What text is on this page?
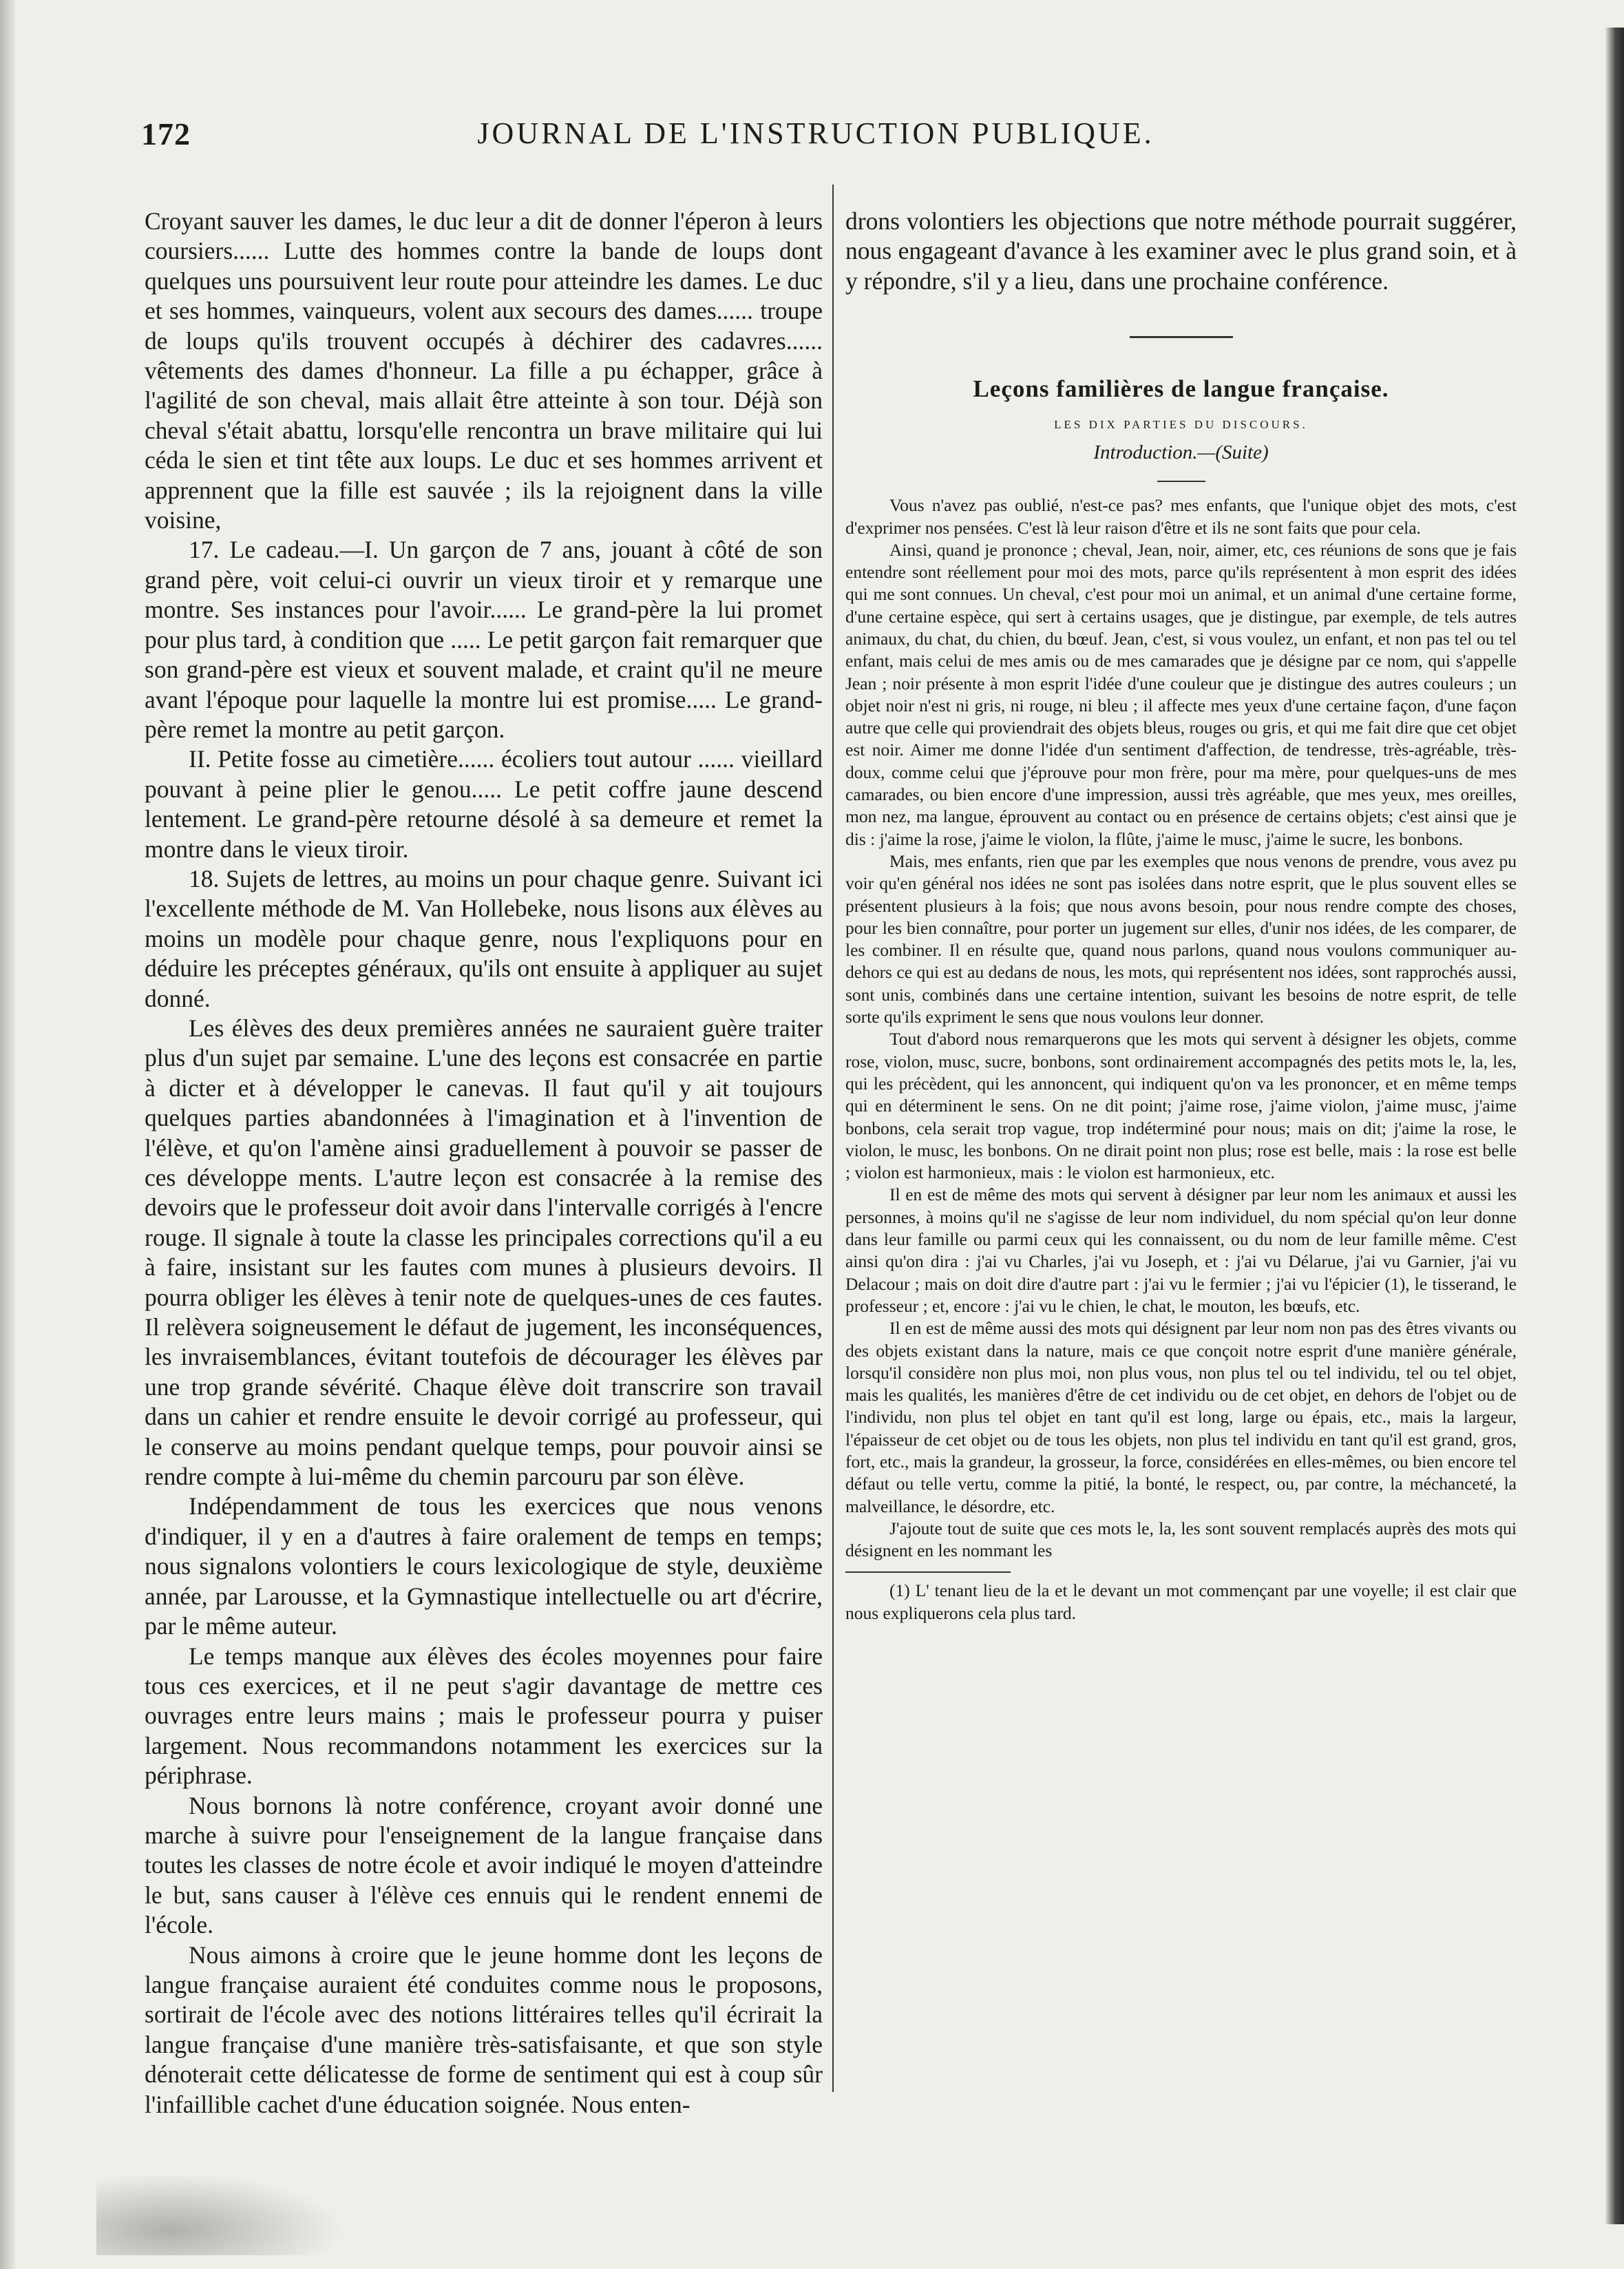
172	JOURNAL DE L'INSTRUCTION PUBLIQUE.

Croyant sauver les dames, le duc leur a dit de donner l'éperon à leurs coursiers...... Lutte des hommes contre la bande de loups dont quelques uns poursuivent leur route pour atteindre les dames. Le duc et ses hommes, vainqueurs, volent aux secours des dames...... troupe de loups qu'ils trouvent occupés à déchirer des cadavres...... vêtements des dames d'honneur. La fille a pu échapper, grâce à l'agilité de son cheval, mais allait être atteinte à son tour. Déjà son cheval s'était abattu, lorsqu'elle rencontra un brave militaire qui lui céda le sien et tint tête aux loups. Le duc et ses hommes arrivent et apprennent que la fille est sauvée ; ils la rejoignent dans la ville voisine,

17. Le cadeau.—I. Un garçon de 7 ans, jouant à côté de son grand père, voit celui-ci ouvrir un vieux tiroir et y remarque une montre. Ses instances pour l'avoir...... Le grand-père la lui promet pour plus tard, à condition que ..... Le petit garçon fait remarquer que son grand-père est vieux et souvent malade, et craint qu'il ne meure avant l'époque pour laquelle la montre lui est promise..... Le grand-père remet la montre au petit garçon.

II. Petite fosse au cimetière...... écoliers tout autour ...... vieillard pouvant à peine plier le genou..... Le petit coffre jaune descend lentement. Le grand-père retourne désolé à sa demeure et remet la montre dans le vieux tiroir.

18. Sujets de lettres, au moins un pour chaque genre. Suivant ici l'excellente méthode de M. Van Hollebeke, nous lisons aux élèves au moins un modèle pour chaque genre, nous l'expliquons pour en déduire les préceptes généraux, qu'ils ont ensuite à appliquer au sujet donné.

Les élèves des deux premières années ne sauraient guère traiter plus d'un sujet par semaine. L'une des leçons est consacrée en partie à dicter et à développer le canevas. Il faut qu'il y ait toujours quelques parties abandonnées à l'imagination et à l'invention de l'élève, et qu'on l'amène ainsi graduellement à pouvoir se passer de ces développe ments. L'autre leçon est consacrée à la remise des devoirs que le professeur doit avoir dans l'intervalle corrigés à l'encre rouge. Il signale à toute la classe les principales corrections qu'il a eu à faire, insistant sur les fautes com munes à plusieurs devoirs. Il pourra obliger les élèves à tenir note de quelques-unes de ces fautes. Il relèvera soigneusement le défaut de jugement, les inconséquences, les invraisemblances, évitant toutefois de décourager les élèves par une trop grande sévérité. Chaque élève doit transcrire son travail dans un cahier et rendre ensuite le devoir corrigé au professeur, qui le conserve au moins pendant quelque temps, pour pouvoir ainsi se rendre compte à lui-même du chemin parcouru par son élève.

Indépendamment de tous les exercices que nous venons d'indiquer, il y en a d'autres à faire oralement de temps en temps; nous signalons volontiers le cours lexicologique de style, deuxième année, par Larousse, et la Gymnastique intellectuelle ou art d'écrire, par le même auteur.

Le temps manque aux élèves des écoles moyennes pour faire tous ces exercices, et il ne peut s'agir davantage de mettre ces ouvrages entre leurs mains ; mais le professeur pourra y puiser largement. Nous recommandons notamment les exercices sur la périphrase.

Nous bornons là notre conférence, croyant avoir donné une marche à suivre pour l'enseignement de la langue française dans toutes les classes de notre école et avoir indiqué le moyen d'atteindre le but, sans causer à l'élève ces ennuis qui le rendent ennemi de l'école.

Nous aimons à croire que le jeune homme dont les leçons de langue française auraient été conduites comme nous le proposons, sortirait de l'école avec des notions littéraires telles qu'il écrirait la langue française d'une manière très-satisfaisante, et que son style dénoterait cette délicatesse de forme de sentiment qui est à coup sûr l'infaillible cachet d'une éducation soignée. Nous enten-

drons volontiers les objections que notre méthode pourrait suggérer, nous engageant d'avance à les examiner avec le plus grand soin, et à y répondre, s'il y a lieu, dans une prochaine conférence.

Leçons familières de langue française.
LES DIX PARTIES DU DISCOURS.
Introduction.—(Suite)

Vous n'avez pas oublié, n'est-ce pas? mes enfants, que l'unique objet des mots, c'est d'exprimer nos pensées. C'est là leur raison d'être et ils ne sont faits que pour cela.

Ainsi, quand je prononce ; cheval, Jean, noir, aimer, etc, ces réunions de sons que je fais entendre sont réellement pour moi des mots, parce qu'ils représentent à mon esprit des idées qui me sont connues. Un cheval, c'est pour moi un animal, et un animal d'une certaine forme, d'une certaine espèce, qui sert à certains usages, que je distingue, par exemple, de tels autres animaux, du chat, du chien, du bœuf. Jean, c'est, si vous voulez, un enfant, et non pas tel ou tel enfant, mais celui de mes amis ou de mes camarades que je désigne par ce nom, qui s'appelle Jean ; noir présente à mon esprit l'idée d'une couleur que je distingue des autres couleurs ; un objet noir n'est ni gris, ni rouge, ni bleu ; il affecte mes yeux d'une certaine façon, d'une façon autre que celle qui proviendrait des objets bleus, rouges ou gris, et qui me fait dire que cet objet est noir. Aimer me donne l'idée d'un sentiment d'affection, de tendresse, très-agréable, très-doux, comme celui que j'éprouve pour mon frère, pour ma mère, pour quelques-uns de mes camarades, ou bien encore d'une impression, aussi très agréable, que mes yeux, mes oreilles, mon nez, ma langue, éprouvent au contact ou en présence de certains objets; c'est ainsi que je dis : j'aime la rose, j'aime le violon, la flûte, j'aime le musc, j'aime le sucre, les bonbons.

Mais, mes enfants, rien que par les exemples que nous venons de prendre, vous avez pu voir qu'en général nos idées ne sont pas isolées dans notre esprit, que le plus souvent elles se présentent plusieurs à la fois; que nous avons besoin, pour nous rendre compte des choses, pour les bien connaître, pour porter un jugement sur elles, d'unir nos idées, de les comparer, de les combiner. Il en résulte que, quand nous parlons, quand nous voulons communiquer au-dehors ce qui est au dedans de nous, les mots, qui représentent nos idées, sont rapprochés aussi, sont unis, combinés dans une certaine intention, suivant les besoins de notre esprit, de telle sorte qu'ils expriment le sens que nous voulons leur donner.

Tout d'abord nous remarquerons que les mots qui servent à désigner les objets, comme rose, violon, musc, sucre, bonbons, sont ordinairement accompagnés des petits mots le, la, les, qui les précèdent, qui les annoncent, qui indiquent qu'on va les prononcer, et en même temps qui en déterminent le sens. On ne dit point; j'aime rose, j'aime violon, j'aime musc, j'aime bonbons, cela serait trop vague, trop indéterminé pour nous; mais on dit; j'aime la rose, le violon, le musc, les bonbons. On ne dirait point non plus; rose est belle, mais : la rose est belle ; violon est harmonieux, mais : le violon est harmonieux, etc.

Il en est de même des mots qui servent à désigner par leur nom les animaux et aussi les personnes, à moins qu'il ne s'agisse de leur nom individuel, du nom spécial qu'on leur donne dans leur famille ou parmi ceux qui les connaissent, ou du nom de leur famille même. C'est ainsi qu'on dira : j'ai vu Charles, j'ai vu Joseph, et : j'ai vu Délarue, j'ai vu Garnier, j'ai vu Delacour ; mais on doit dire d'autre part : j'ai vu le fermier ; j'ai vu l'épicier (1), le tisserand, le professeur ; et, encore : j'ai vu le chien, le chat, le mouton, les bœufs, etc.

Il en est de même aussi des mots qui désignent par leur nom non pas des êtres vivants ou des objets existant dans la nature, mais ce que conçoit notre esprit d'une manière générale, lorsqu'il considère non plus moi, non plus vous, non plus tel ou tel individu, tel ou tel objet, mais les qualités, les manières d'être de cet individu ou de cet objet, en dehors de l'objet ou de l'individu, non plus tel objet en tant qu'il est long, large ou épais, etc., mais la largeur, l'épaisseur de cet objet ou de tous les objets, non plus tel individu en tant qu'il est grand, gros, fort, etc., mais la grandeur, la grosseur, la force, considérées en elles-mêmes, ou bien encore tel défaut ou telle vertu, comme la pitié, la bonté, le respect, ou, par contre, la méchanceté, la malveillance, le désordre, etc.

J'ajoute tout de suite que ces mots le, la, les sont souvent remplacés auprès des mots qui désignent en les nommant les

(1) L' tenant lieu de la et le devant un mot commençant par une voyelle; il est clair que nous expliquerons cela plus tard.
